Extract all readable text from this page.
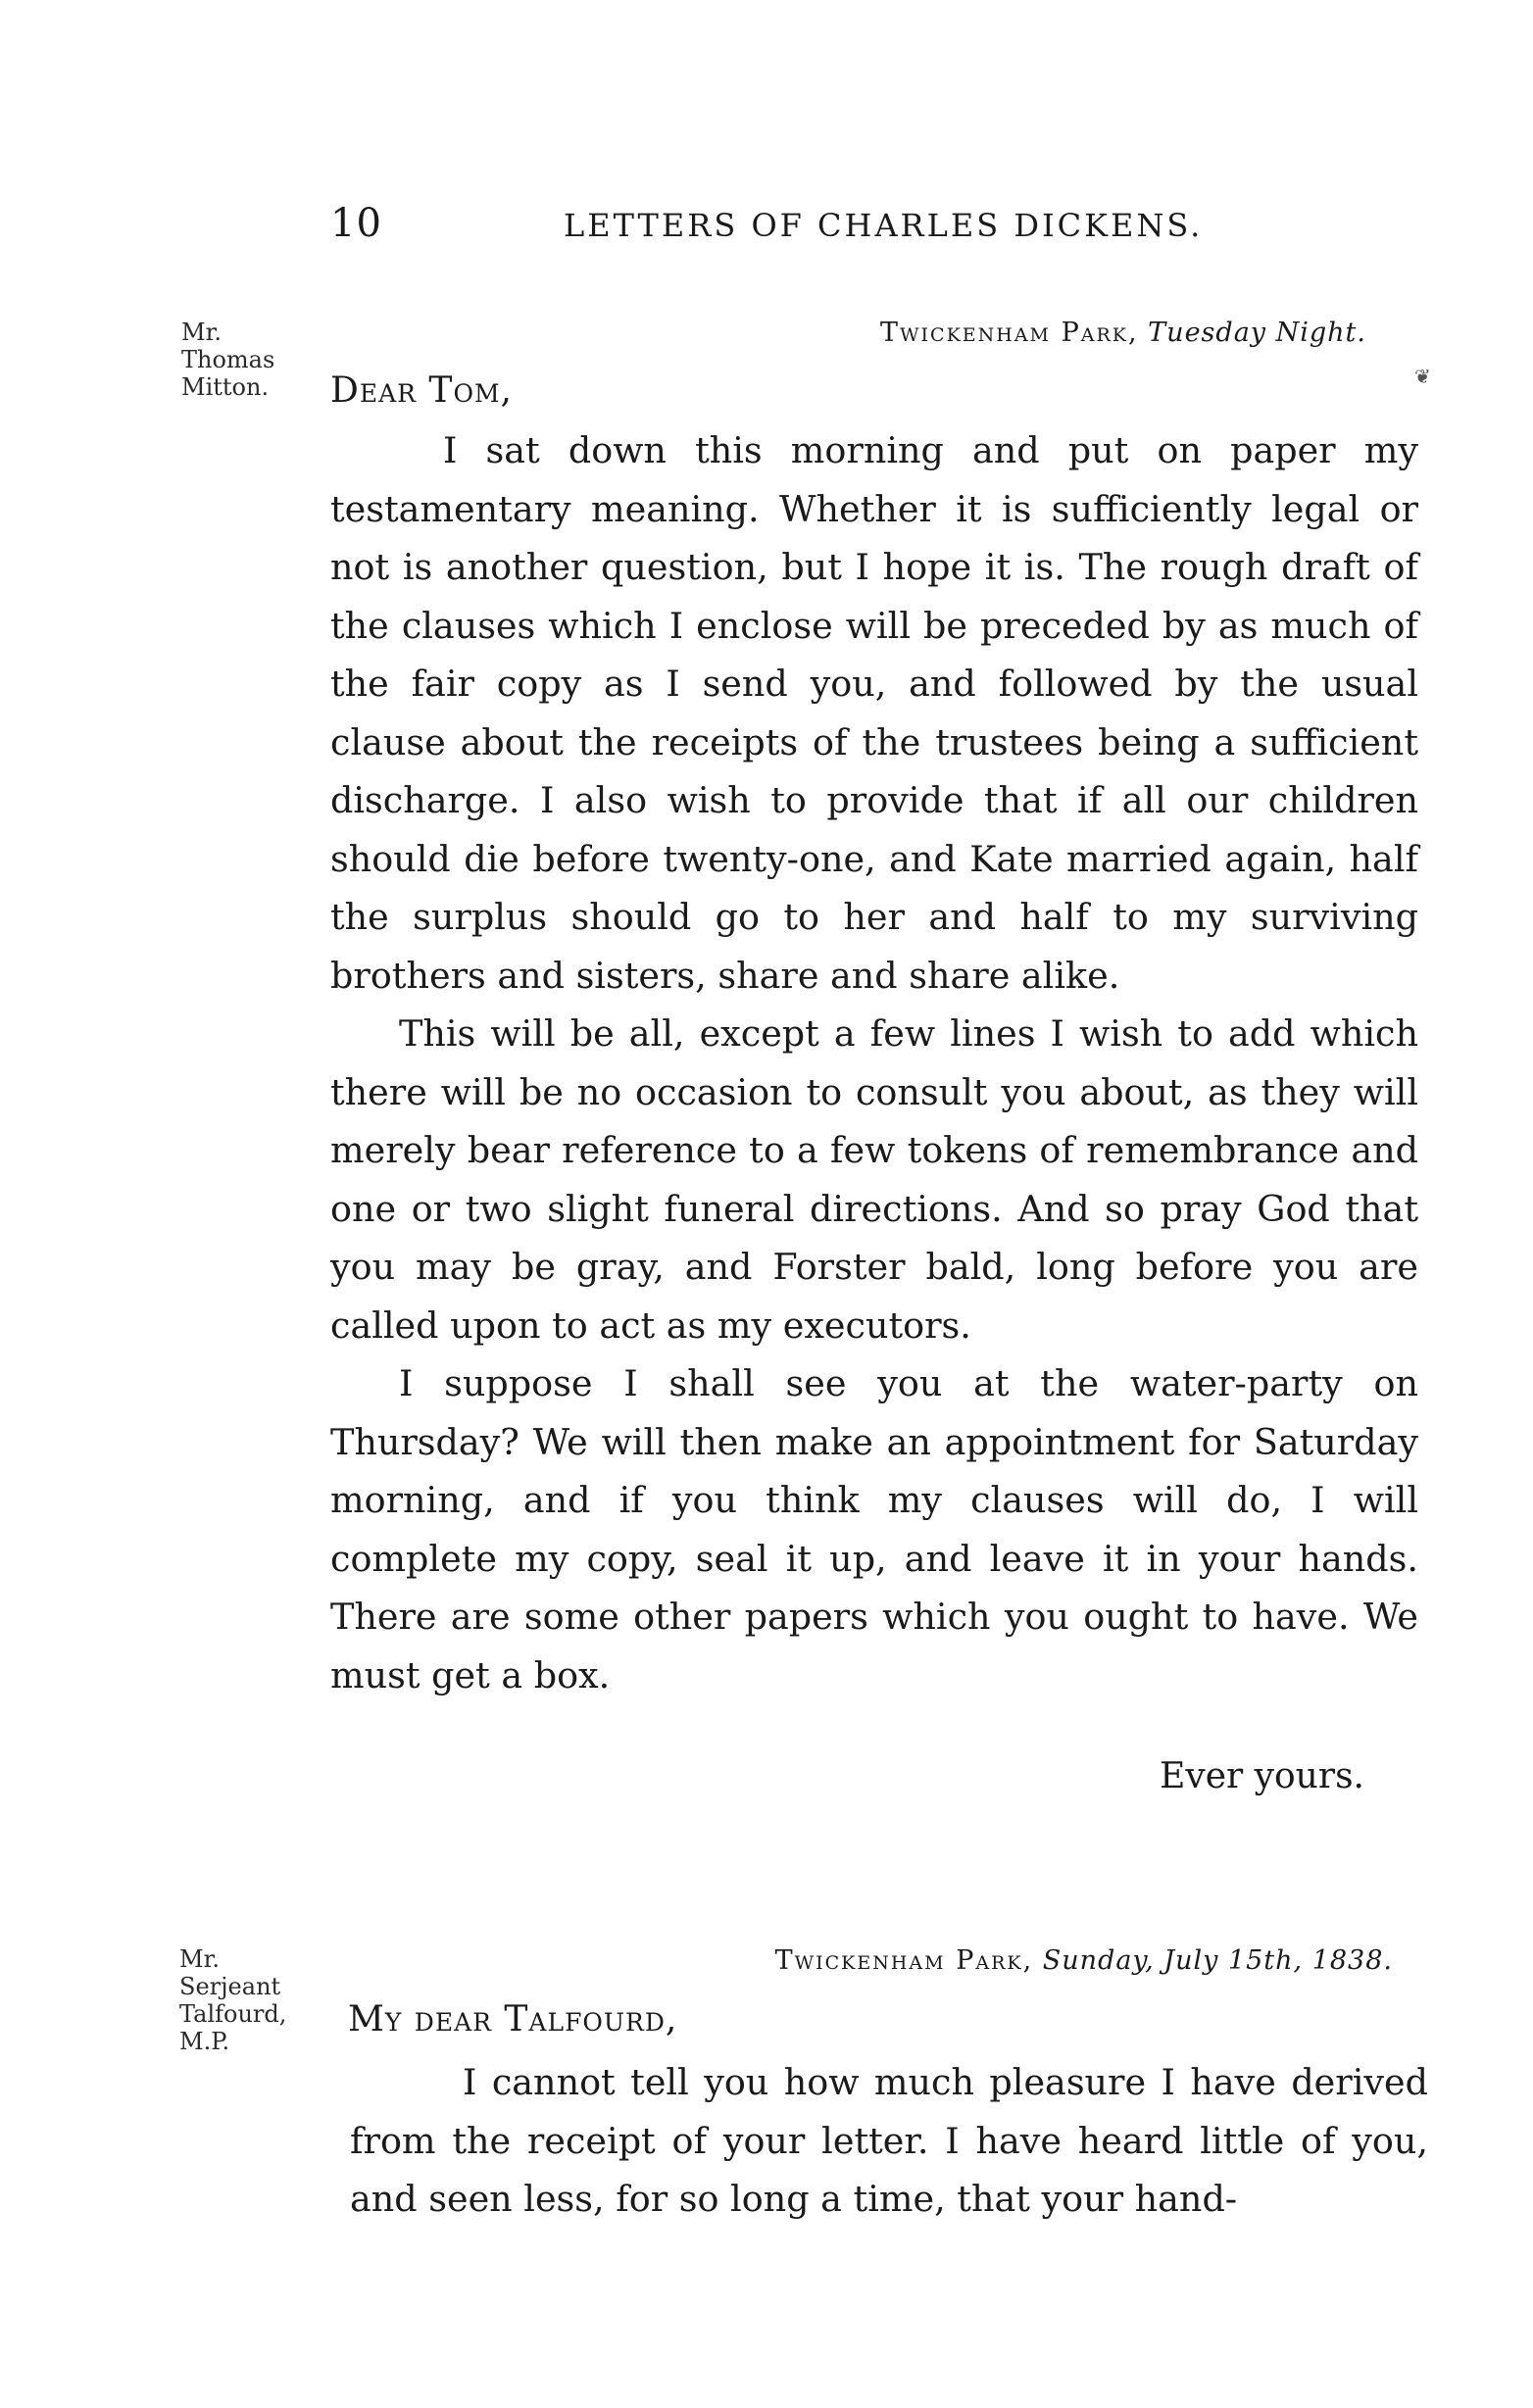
10	LETTERS OF CHARLES DICKENS.
Mr.
Thomas
Mitton.
Twickenham Park, Tuesday Night.
❦
Dear Tom,

I sat down this morning and put on paper my testamentary meaning. Whether it is sufficiently legal or not is another question, but I hope it is. The rough draft of the clauses which I enclose will be preceded by as much of the fair copy as I send you, and followed by the usual clause about the receipts of the trustees being a sufficient discharge. I also wish to provide that if all our children should die before twenty-one, and Kate married again, half the surplus should go to her and half to my surviving brothers and sisters, share and share alike.

This will be all, except a few lines I wish to add which there will be no occasion to consult you about, as they will merely bear reference to a few tokens of remembrance and one or two slight funeral directions. And so pray God that you may be gray, and Forster bald, long before you are called upon to act as my executors.

I suppose I shall see you at the water-party on Thursday? We will then make an appointment for Saturday morning, and if you think my clauses will do, I will complete my copy, seal it up, and leave it in your hands. There are some other papers which you ought to have. We must get a box.

Ever yours.
Mr.
Serjeant
Talfourd,
M.P.
Twickenham Park, Sunday, July 15th, 1838.
My dear Talfourd,

I cannot tell you how much pleasure I have derived from the receipt of your letter. I have heard little of you, and seen less, for so long a time, that your hand-
